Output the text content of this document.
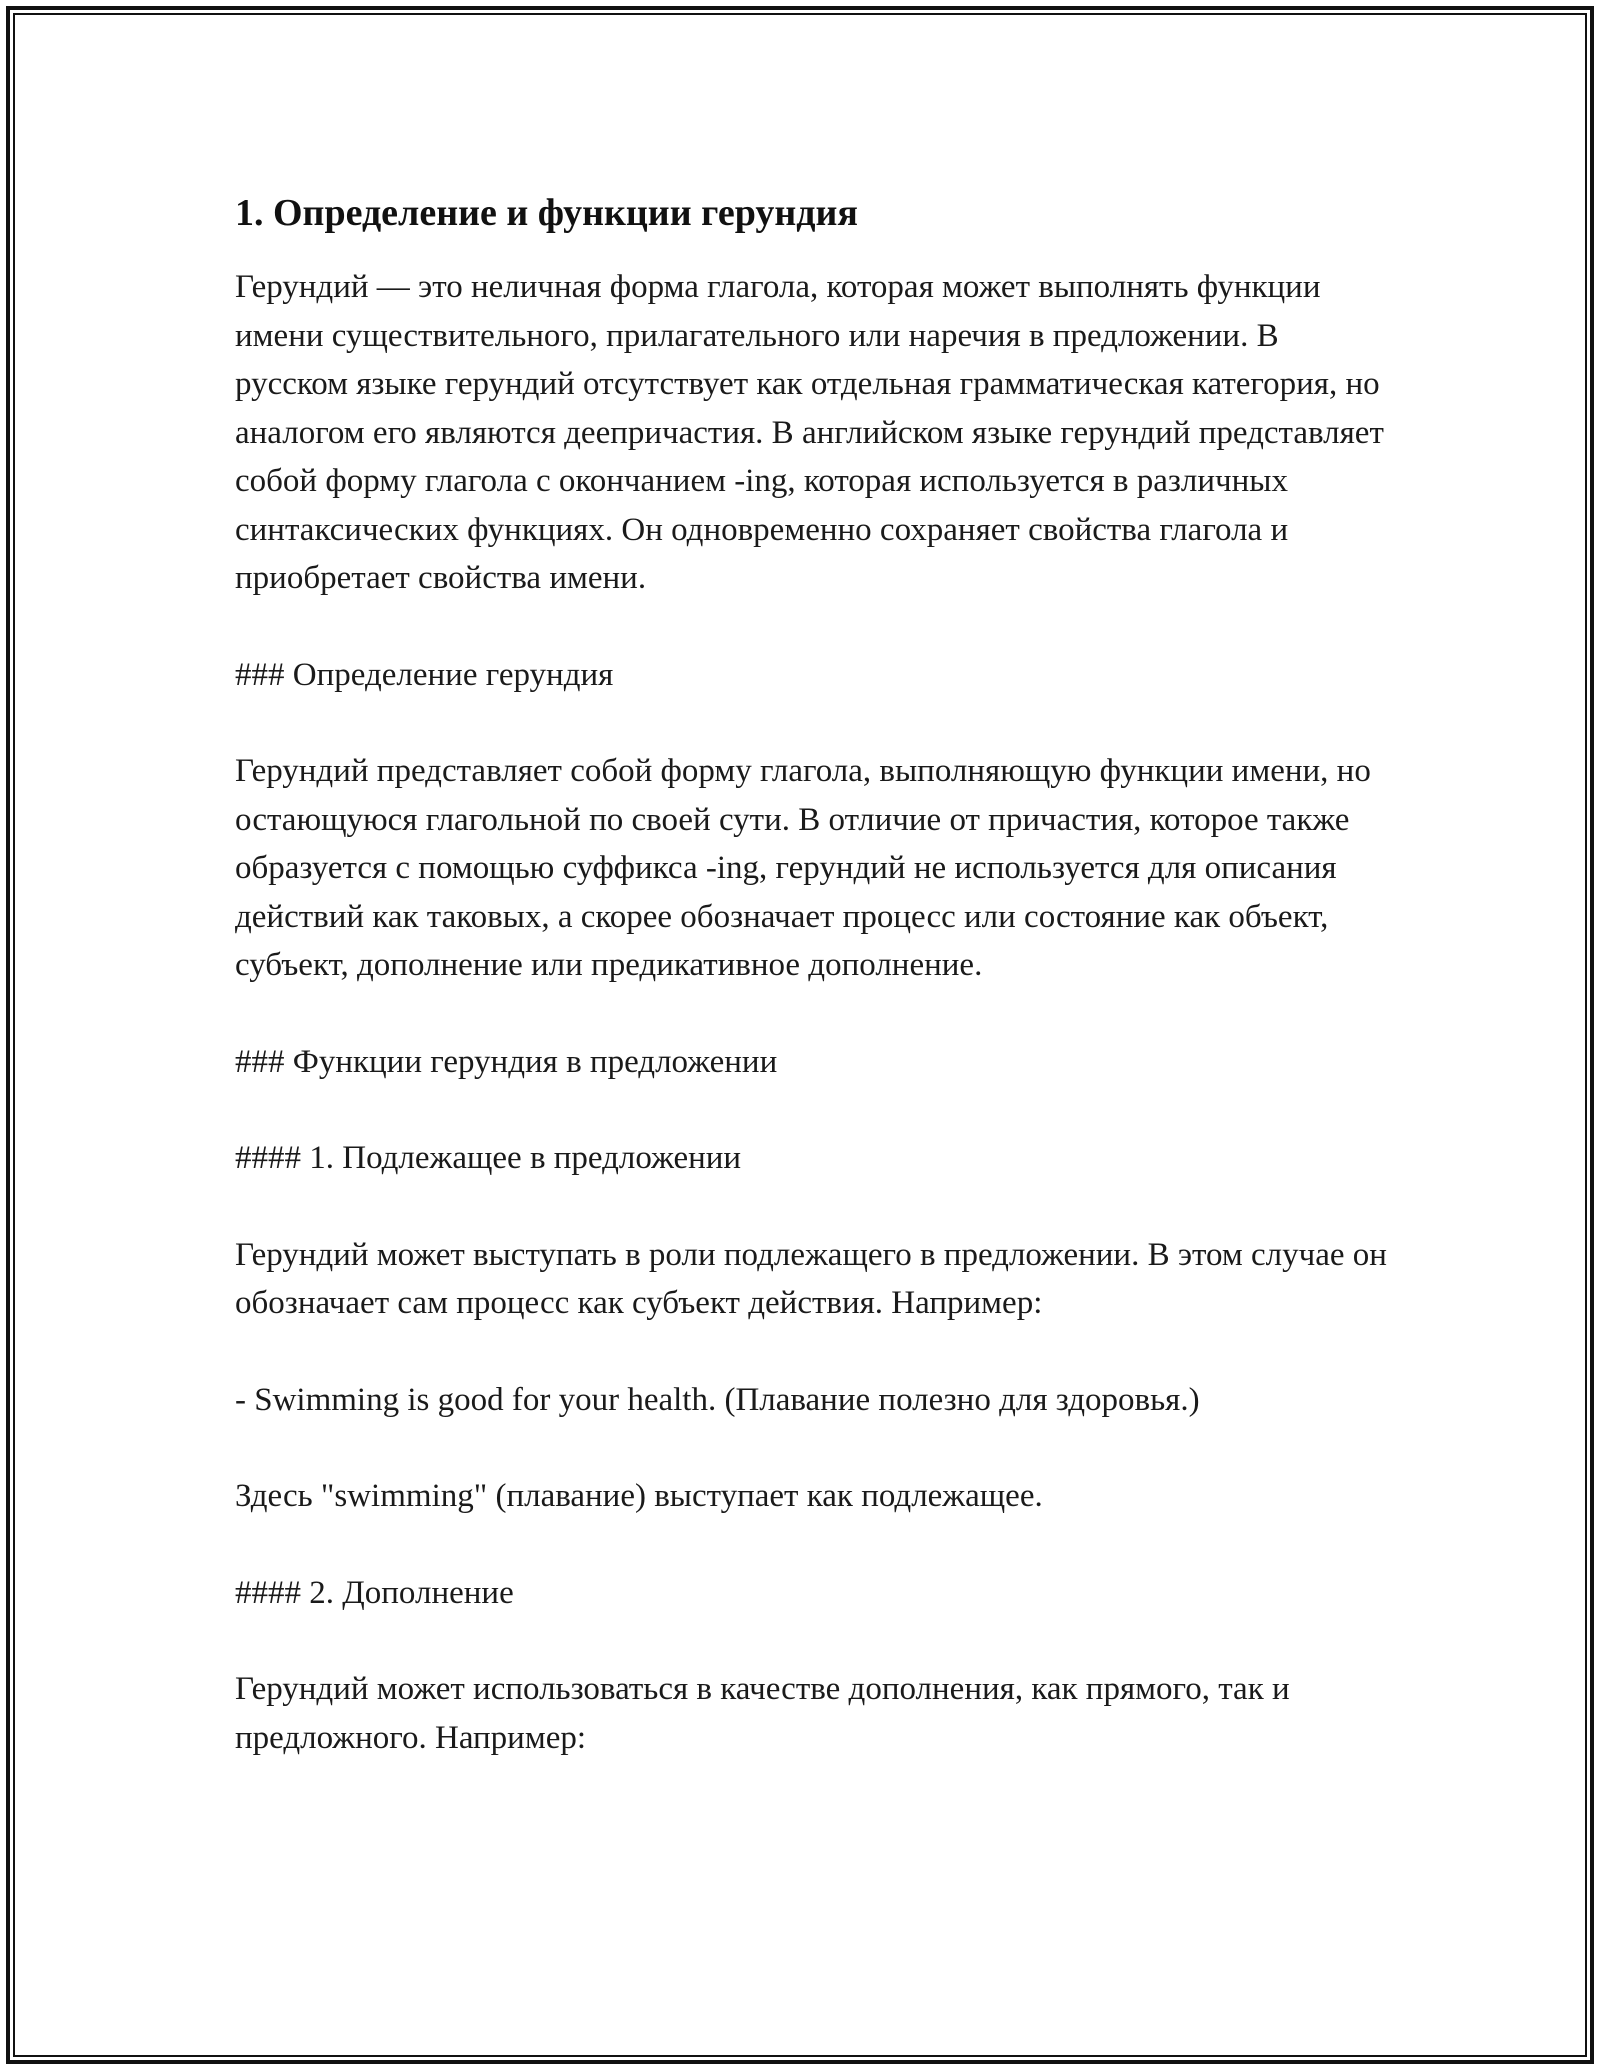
1. Определение и функции герундия

Герундий — это неличная форма глагола, которая может выполнять функции имени существительного, прилагательного или наречия в предложении. В русском языке герундий отсутствует как отдельная грамматическая категория, но аналогом его являются деепричастия. В английском языке герундий представляет собой форму глагола с окончанием -ing, которая используется в различных синтаксических функциях. Он одновременно сохраняет свойства глагола и приобретает свойства имени.

### Определение герундия

Герундий представляет собой форму глагола, выполняющую функции имени, но остающуюся глагольной по своей сути. В отличие от причастия, которое также образуется с помощью суффикса -ing, герундий не используется для описания действий как таковых, а скорее обозначает процесс или состояние как объект, субъект, дополнение или предикативное дополнение.

### Функции герундия в предложении

#### 1. Подлежащее в предложении

Герундий может выступать в роли подлежащего в предложении. В этом случае он обозначает сам процесс как субъект действия. Например:

- Swimming is good for your health. (Плавание полезно для здоровья.)

Здесь "swimming" (плавание) выступает как подлежащее.

#### 2. Дополнение

Герундий может использоваться в качестве дополнения, как прямого, так и предложного. Например:
